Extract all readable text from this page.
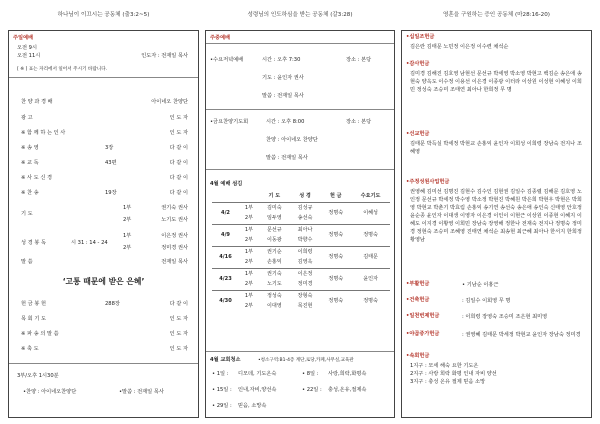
하나님이 이끄시는 공동체 (출3:2~5)
주일예배
오전 9시
오전 11시	인도자 : 전재일 목사
[ ※ ] 표는 자리에서 일어서 주시기 바랍니다.
찬 양 과 경 배	아이네오 찬양단
광 고	인 도 자
※ 함 께 하 는 인 사	인 도 자
※ 송 영	3장	다 같 이
※ 교 독	43편	다 같 이
※ 사 도 신 경	다 같 이
※ 찬 송	19장	다 같 이
기 도
1부	권기숙 권사
2부	노기도 권사
성 경 봉 독	시 31 : 14 - 24
1부	이은정 권사
2부	정미경 권사
말 씀	전재일 목사
‘고통 때문에 받은 은혜’
헌 금 봉 헌	288장	다 같 이
목 회 기 도	인 도 자
※ 파 송 의 말 씀	인 도 자
※ 축 도	인 도 자
3부/오후 1시30분
•찬양 : 아이네오찬양단	•말씀 : 전재일 목사
성령님의 인도하심을 받는 공동체 (갈3:28)
주중예배
•수요저녁예배	시간 : 오후 7:30	장소 : 본당
기도 : 윤인자 권사
말씀 : 전재일 목사
•금요찬양기도회	시간 : 오후 8:00	장소 : 본당
찬양 : 아이네오 찬양단
말씀 : 전재일 목사
4월 예배 섬김
		기 도	성 경	헌 금	수요기도
4/2	1부	김미숙	김성규	정명숙	이혜성
	2부	임두영	송선숙		
4/9	1부	문선규	최아나	정명숙	정명숙
	2부	이동광	박향수		
4/16	1부	권기순	이희령	정명숙	김태문
	2부	손홍익	김영옥		
4/23	1부	권기숙	이은정	정명숙	윤인자
	2부	노기도	정미경		
4/30	1부	정성숙	장형숙	정명숙	정명숙
	2부	이대영	목진현		
4월 교회청소	•청소구역:B1-4층 계단,로당,카페,사무실,교육관
• 1일 : 디모데, 기도온숙	• 8일 : 사랑,희락,화평속
• 15일 : 인내,자비,양선속	• 22일 : 충성,온유,절제속
• 29일 : 믿음, 소망속
영혼을 구원하는 증인 공동체 (마28:16-20)
•십일조헌금
김은란 김태문 노민정 이은정 이수련 채석순
•감사헌금
김미경 김해진 김호영 남현선 문선규 박세영 박소영 박현고 백김순 송은애 송현숙 양옥도 이수정 이용선 이은경 이종광 이터라 이상원 이성현 이혜성 이희민 정성숙 조승미 조태연 최아나 한희정 무 명
•선교헌금
김태문 박득실 박세정 박현교 손홍익 윤인자 이희성 이희령 장남숙 전지나 조혜영
•주정성원사업헌금
권영혜 김미선 김명진 김현수 김수인 김현권 김일수 김종렬 김해문 김호영 노인정 문선규 박세정 박수영 박소정 박현진 박혜원 박은희 박현우 박현은 박희영 박현교 박춘기 박효림 손홍익 송기연 송선숙 송은애 송인숙 신태영 안호정 윤순종 윤인자 이대생 이영자 이은경 이인이 이현근 이상원 이종현 이혜지 이혜도 이지경 이황영 이희민 장남숙 장영해 정한나 전재숙 전지나 정명숙 정미경 정현숙 조승미 조혜영 진태연 채석순 최송현 최근혜 최아나 한서지 한희정 황영남
•부활헌금	• 기남순 이홍근
•건축헌금	: 김일수 이회영 무 명
•일천번제헌금	: 이희령 장영숙 조승미 조은현 최미영
•야곱증가헌금	: 권영혜 김태문 박세정 박현교 윤인자 장남숙 정미경
•속회헌금
1지구 : 모세 해숙 요한 기도온
2지구 : 사랑 희락 화평 인내 자비 양선
3지구 : 충성 온유 절제 믿음 소망
